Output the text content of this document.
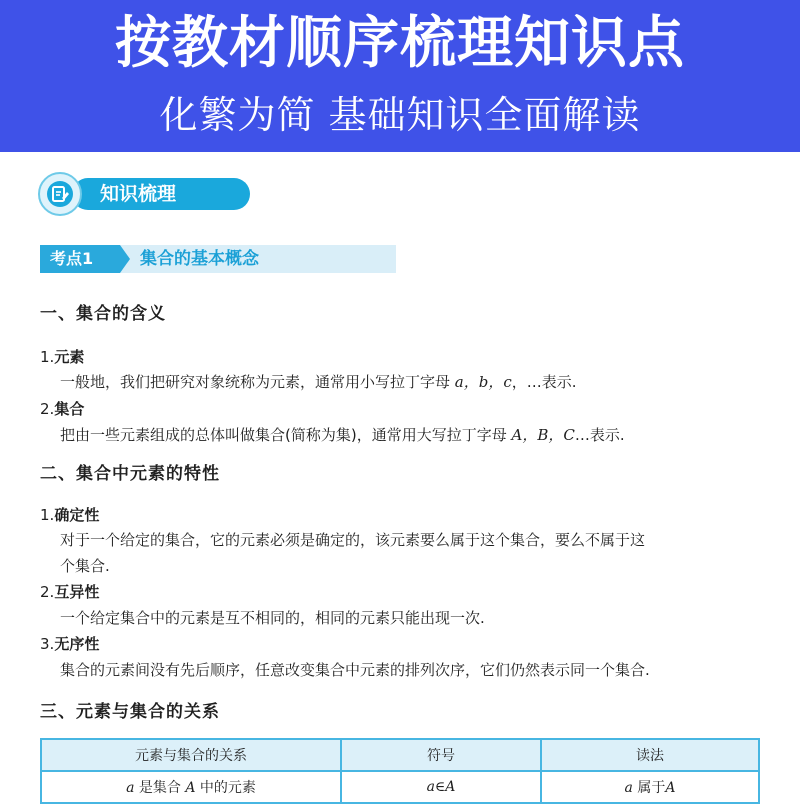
按教材顺序梳理知识点
化繁为简 基础知识全面解读
知识梳理
考点1	集合的基本概念
一、集合的含义
1.元素
一般地，我们把研究对象统称为元素，通常用小写拉丁字母 a，b，c，…表示.
2.集合
把由一些元素组成的总体叫做集合(简称为集)，通常用大写拉丁字母 A，B，C…表示.
二、集合中元素的特性
1.确定性
对于一个给定的集合，它的元素必须是确定的，该元素要么属于这个集合，要么不属于这
个集合.
2.互异性
一个给定集合中的元素是互不相同的，相同的元素只能出现一次.
3.无序性
集合的元素间没有先后顺序，任意改变集合中元素的排列次序，它们仍然表示同一个集合.
三、元素与集合的关系
元素与集合的关系	符号	读法
a 是集合 A 中的元素	a∈A	a 属于A
